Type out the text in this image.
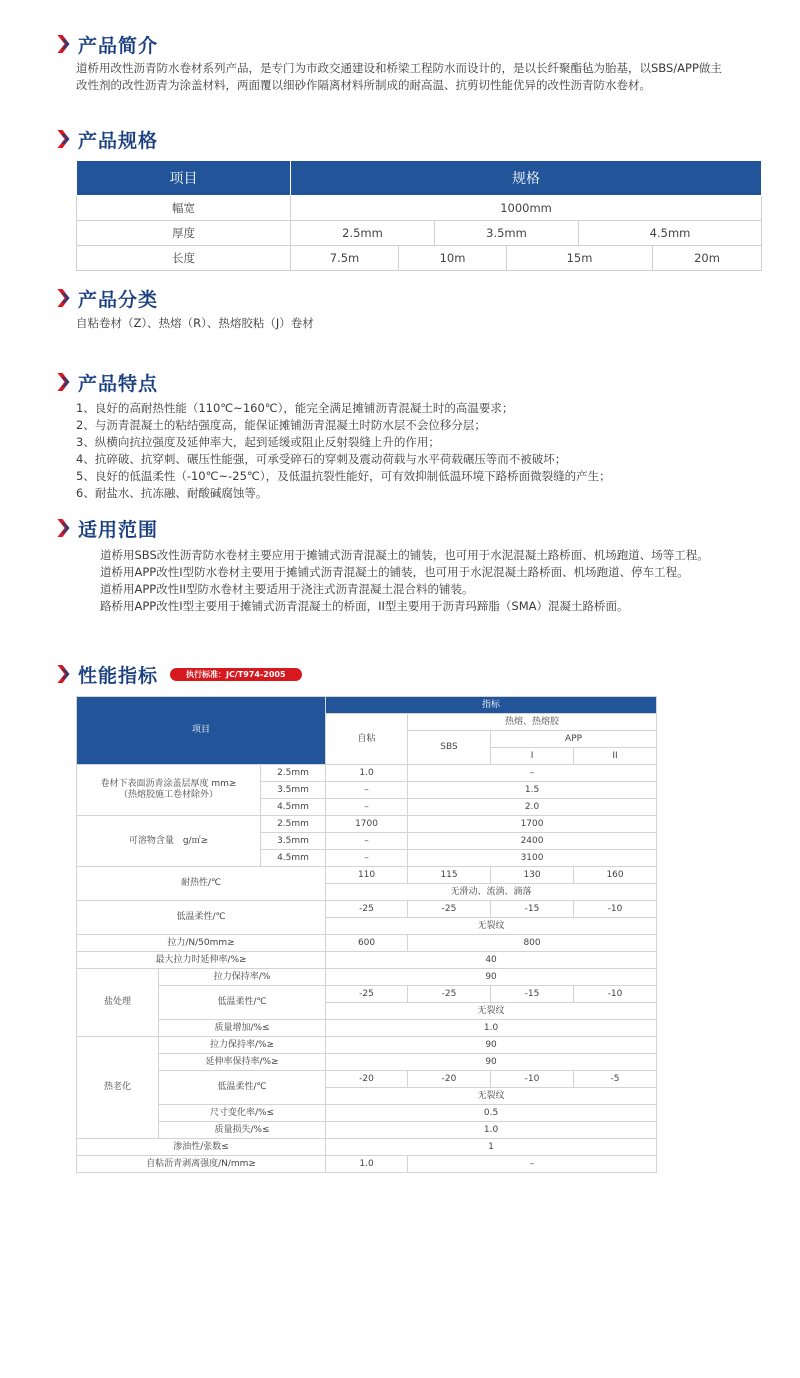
产品简介

道桥用改性沥青防水卷材系列产品，是专门为市政交通建设和桥梁工程防水而设计的，是以长纤聚酯毡为胎基，以SBS/APP做主改性剂的改性沥青为涂盖材料，两面覆以细砂作隔离材料所制成的耐高温、抗剪切性能优异的改性沥青防水卷材。

产品规格
项目	规格					
幅宽	1000mm					
厚度	2.5mm		3.5mm		4.5mm	
长度	7.5m	10m		15m		20m
产品分类

自粘卷材（Z）、热熔（R）、热熔胶粘（J）卷材

产品特点

1、良好的高耐热性能（110℃~160℃），能完全满足摊铺沥青混凝土时的高温要求；

2、与沥青混凝土的粘结强度高，能保证摊铺沥青混凝土时防水层不会位移分层；

3、纵横向抗拉强度及延伸率大，起到延缓或阻止反射裂缝上升的作用；

4、抗碎破、抗穿刺、碾压性能强，可承受碎石的穿刺及震动荷载与水平荷载碾压等而不被破坏；

5、良好的低温柔性（-10℃~-25℃），及低温抗裂性能好，可有效抑制低温环境下路桥面微裂缝的产生；

6、耐盐水、抗冻融、耐酸碱腐蚀等。

适用范围

道桥用SBS改性沥青防水卷材主要应用于摊铺式沥青混凝土的铺装，也可用于水泥混凝土路桥面、机场跑道、场等工程。

道桥用APP改性I型防水卷材主要用于摊铺式沥青混凝土的铺装，也可用于水泥混凝土路桥面、机场跑道、停车工程。

道桥用APP改性II型防水卷材主要适用于浇注式沥青混凝土混合料的铺装。

路桥用APP改性I型主要用于摊铺式沥青混凝土的桥面，II型主要用于沥青玛蹄脂（SMA）混凝土路桥面。

性能指标	执行标准：JC/T974-2005
项目			指标			
			自粘	热熔、热熔胶		
				SBS	APP	
					I	II
卷材下表面沥青涂盖层厚度 mm≥
（热熔胶施工卷材除外）		2.5mm	1.0	–		
		3.5mm	–	1.5		
		4.5mm	–	2.0		
可溶物含量　g/㎡≥		2.5mm	1700	1700		
		3.5mm	–	2400		
		4.5mm	–	3100		
耐热性/℃			110	115	130	160
			无滑动、流淌、滴落			
低温柔性/℃			-25	-25	-15	-10
			无裂纹			
拉力/N/50mm≥			600	800		
最大拉力时延伸率/%≥			40			
盐处理	拉力保持率/%		90			
	低温柔性/℃		-25	-25	-15	-10
			无裂纹			
	质量增加/%≤		1.0			
热老化	拉力保持率/%≥		90			
	延伸率保持率/%≥		90			
	低温柔性/℃		-20	-20	-10	-5
			无裂纹			
	尺寸变化率/%≤		0.5			
	质量损失/%≤		1.0			
渗油性/张数≤			1			
自粘沥青剥离强度/N/mm≥			1.0	–		
